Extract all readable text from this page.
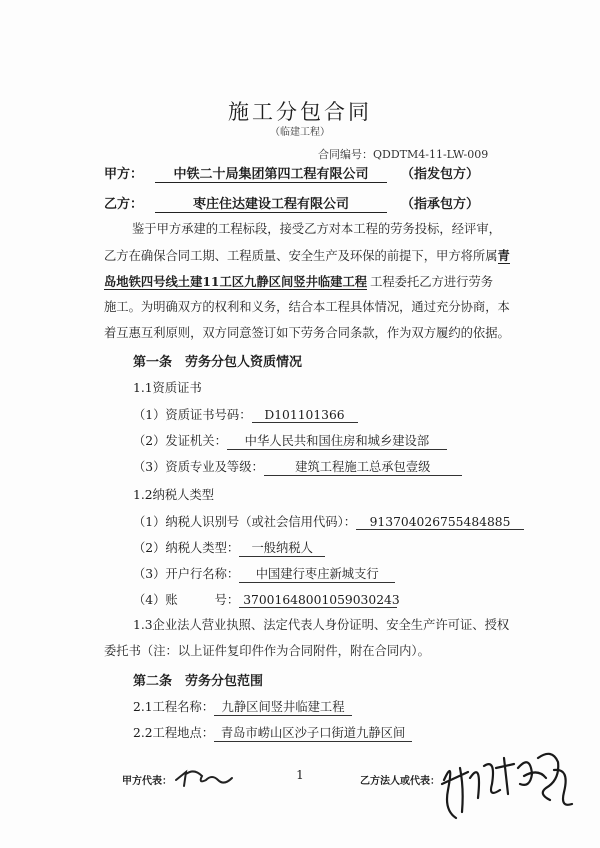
施工分包合同
（临建工程）
合同编号：QDDTM4-11-LW-009
甲方： 中铁二十局集团第四工程有限公司	（指发包方）
乙方：	枣庄住达建设工程有限公司	（指承包方）
鉴于甲方承建的工程标段，接受乙方对本工程的劳务投标，经评审，
乙方在确保合同工期、工程质量、安全生产及环保的前提下，甲方将所属青
岛地铁四号线土建11工区九静区间竖井临建工程 工程委托乙方进行劳务
施工。为明确双方的权利和义务，结合本工程具体情况，通过充分协商，本
着互惠互利原则，双方同意签订如下劳务合同条款，作为双方履约的依据。
第一条　劳务分包人资质情况
1.1资质证书
（1）资质证书号码： D101101366
（2）发证机关： 中华人民共和国住房和城乡建设部
（3）资质专业及等级：	建筑工程施工总承包壹级
1.2纳税人类型
（1）纳税人识别号（或社会信用代码）： 913704026755484885
（2）纳税人类型： 一般纳税人
（3）开户行名称： 中国建行枣庄新城支行
（4）账　　　号： 37001648001059030243
1.3企业法人营业执照、法定代表人身份证明、安全生产许可证、授权
委托书（注：以上证件复印件作为合同附件，附在合同内）。
第二条　劳务分包范围
2.1工程名称： 九静区间竖井临建工程
2.2工程地点： 青岛市崂山区沙子口街道九静区间
甲方代表：	1	乙方法人或代表：
